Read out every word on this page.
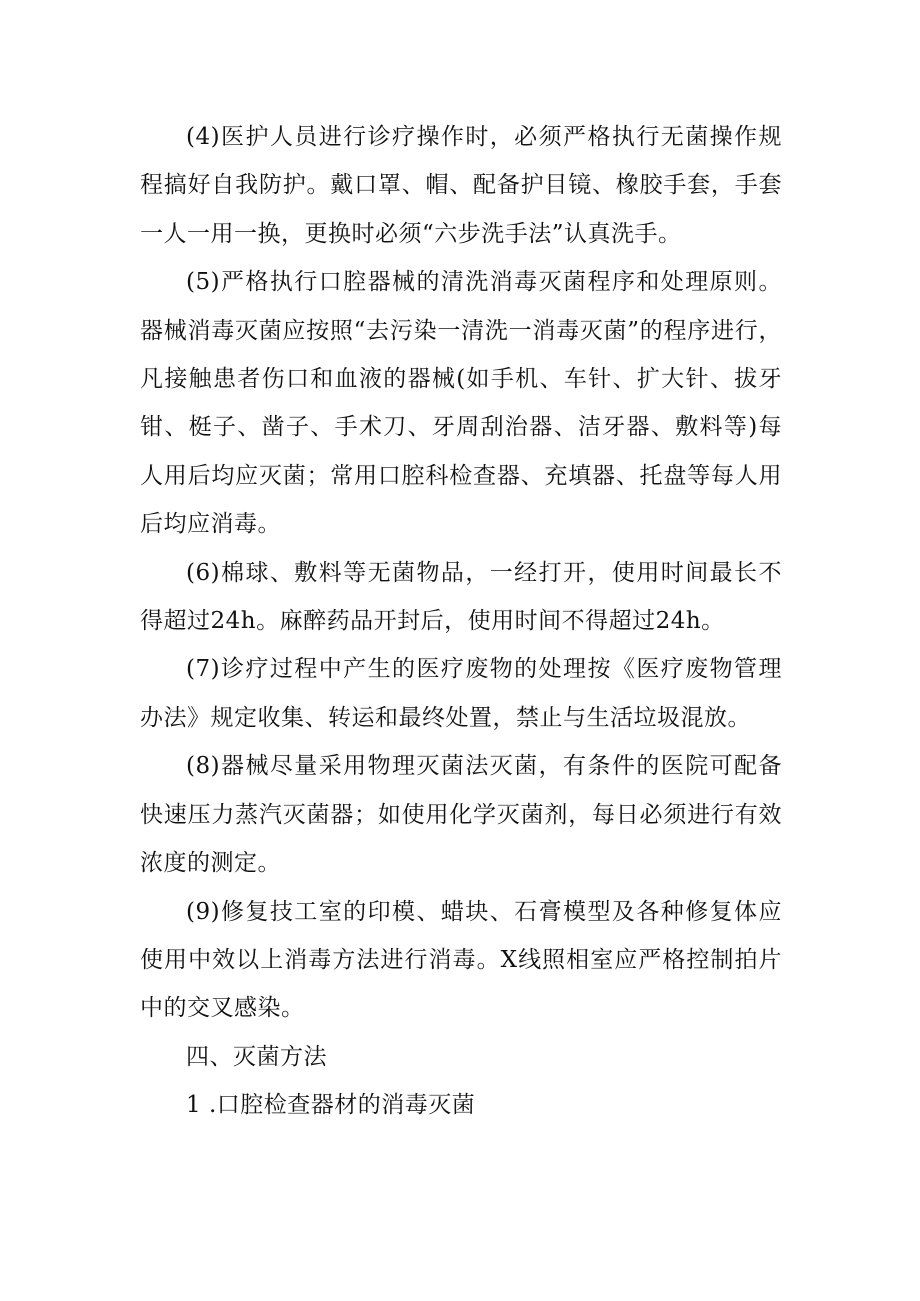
(4)医护人员进行诊疗操作时，必须严格执行无菌操作规程搞好自我防护。戴口罩、帽、配备护目镜、橡胶手套，手套一人一用一换，更换时必须“六步洗手法”认真洗手。

(5)严格执行口腔器械的清洗消毒灭菌程序和处理原则。器械消毒灭菌应按照“去污染一清洗一消毒灭菌”的程序进行，凡接触患者伤口和血液的器械(如手机、车针、扩大针、拔牙钳、梃子、凿子、手术刀、牙周刮治器、洁牙器、敷料等)每人用后均应灭菌；常用口腔科检查器、充填器、托盘等每人用后均应消毒。

(6)棉球、敷料等无菌物品，一经打开，使用时间最长不得超过24h。麻醉药品开封后，使用时间不得超过24h。

(7)诊疗过程中产生的医疗废物的处理按《医疗废物管理办法》规定收集、转运和最终处置，禁止与生活垃圾混放。

(8)器械尽量采用物理灭菌法灭菌，有条件的医院可配备快速压力蒸汽灭菌器；如使用化学灭菌剂，每日必须进行有效浓度的测定。

(9)修复技工室的印模、蜡块、石膏模型及各种修复体应使用中效以上消毒方法进行消毒。X线照相室应严格控制拍片中的交叉感染。

四、灭菌方法

1 .口腔检查器材的消毒灭菌
